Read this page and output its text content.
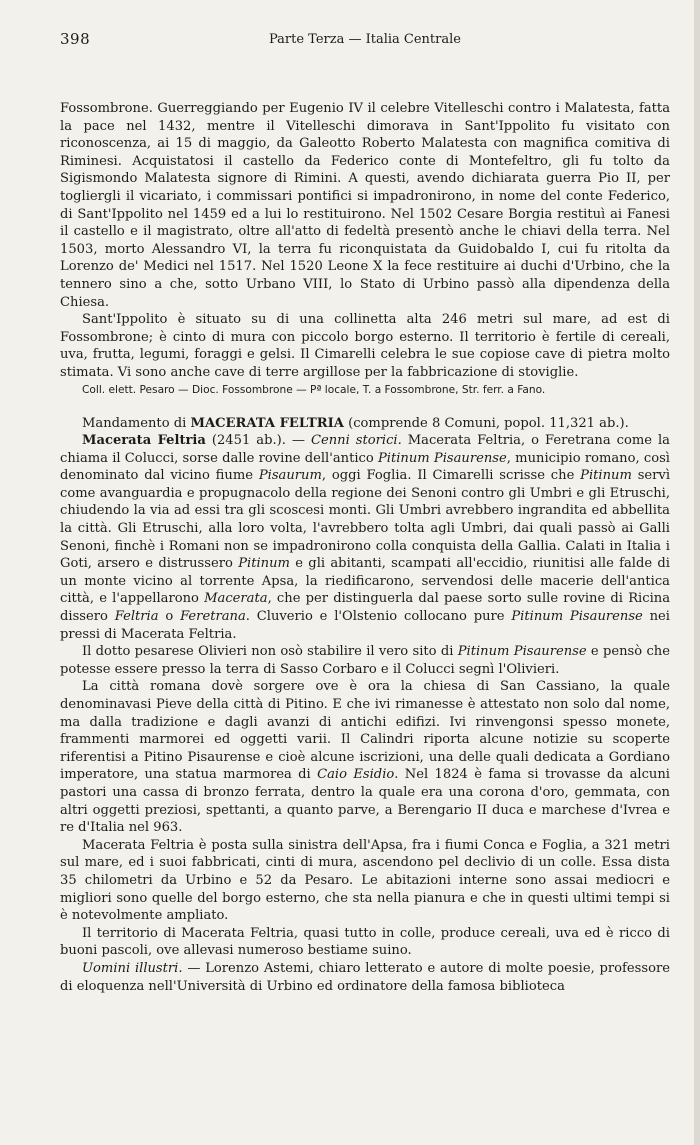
398	Parte Terza — Italia Centrale

Fossombrone. Guerreggiando per Eugenio IV il celebre Vitelleschi contro i Malatesta, fatta la pace nel 1432, mentre il Vitelleschi dimorava in Sant'Ippolito fu visitato con riconoscenza, ai 15 di maggio, da Galeotto Roberto Malatesta con magnifica comitiva di Riminesi. Acquistatosi il castello da Federico conte di Montefeltro, gli fu tolto da Sigismondo Malatesta signore di Rimini. A questi, avendo dichiarata guerra Pio II, per togliergli il vicariato, i commissari pontifici si impadronirono, in nome del conte Federico, di Sant'Ippolito nel 1459 ed a lui lo restituirono. Nel 1502 Cesare Borgia restituì ai Fanesi il castello e il magistrato, oltre all'atto di fedeltà presentò anche le chiavi della terra. Nel 1503, morto Alessandro VI, la terra fu riconquistata da Guidobaldo I, cui fu ritolta da Lorenzo de' Medici nel 1517. Nel 1520 Leone X la fece restituire ai duchi d'Urbino, che la tennero sino a che, sotto Urbano VIII, lo Stato di Urbino passò alla dipendenza della Chiesa.

Sant'Ippolito è situato su di una collinetta alta 246 metri sul mare, ad est di Fossombrone; è cinto di mura con piccolo borgo esterno. Il territorio è fertile di cereali, uva, frutta, legumi, foraggi e gelsi. Il Cimarelli celebra le sue copiose cave di pietra molto stimata. Vi sono anche cave di terre argillose per la fabbricazione di stoviglie.

Coll. elett. Pesaro — Dioc. Fossombrone — Pª locale, T. a Fossombrone, Str. ferr. a Fano.

Mandamento di MACERATA FELTRIA (comprende 8 Comuni, popol. 11,321 ab.).

Macerata Feltria (2451 ab.). — Cenni storici. Macerata Feltria, o Feretrana come la chiama il Colucci, sorse dalle rovine dell'antico Pitinum Pisaurense, municipio romano, così denominato dal vicino fiume Pisaurum, oggi Foglia. Il Cimarelli scrisse che Pitinum servì come avanguardia e propugnacolo della regione dei Senoni contro gli Umbri e gli Etruschi, chiudendo la via ad essi tra gli scoscesi monti. Gli Umbri avrebbero ingrandita ed abbellita la città. Gli Etruschi, alla loro volta, l'avrebbero tolta agli Umbri, dai quali passò ai Galli Senoni, finchè i Romani non se impadronirono colla conquista della Gallia. Calati in Italia i Goti, arsero e distrussero Pitinum e gli abitanti, scampati all'eccidio, riunitisi alle falde di un monte vicino al torrente Apsa, la riedificarono, servendosi delle macerie dell'antica città, e l'appellarono Macerata, che per distinguerla dal paese sorto sulle rovine di Ricina dissero Feltria o Feretrana. Cluverio e l'Olstenio collocano pure Pitinum Pisaurense nei pressi di Macerata Feltria.

Il dotto pesarese Olivieri non osò stabilire il vero sito di Pitinum Pisaurense e pensò che potesse essere presso la terra di Sasso Corbaro e il Colucci segnì l'Olivieri.

La città romana dovè sorgere ove è ora la chiesa di San Cassiano, la quale denominavasi Pieve della città di Pitino. E che ivi rimanesse è attestato non solo dal nome, ma dalla tradizione e dagli avanzi di antichi edifizi. Ivi rinvengonsi spesso monete, frammenti marmorei ed oggetti varii. Il Calindri riporta alcune notizie su scoperte riferentisi a Pitino Pisaurense e cioè alcune iscrizioni, una delle quali dedicata a Gordiano imperatore, una statua marmorea di Caio Esidio. Nel 1824 è fama si trovasse da alcuni pastori una cassa di bronzo ferrata, dentro la quale era una corona d'oro, gemmata, con altri oggetti preziosi, spettanti, a quanto parve, a Berengario II duca e marchese d'Ivrea e re d'Italia nel 963.

Macerata Feltria è posta sulla sinistra dell'Apsa, fra i fiumi Conca e Foglia, a 321 metri sul mare, ed i suoi fabbricati, cinti di mura, ascendono pel declivio di un colle. Essa dista 35 chilometri da Urbino e 52 da Pesaro. Le abitazioni interne sono assai mediocri e migliori sono quelle del borgo esterno, che sta nella pianura e che in questi ultimi tempi si è notevolmente ampliato.

Il territorio di Macerata Feltria, quasi tutto in colle, produce cereali, uva ed è ricco di buoni pascoli, ove allevasi numeroso bestiame suino.

Uomini illustri. — Lorenzo Astemi, chiaro letterato e autore di molte poesie, professore di eloquenza nell'Università di Urbino ed ordinatore della famosa biblioteca
